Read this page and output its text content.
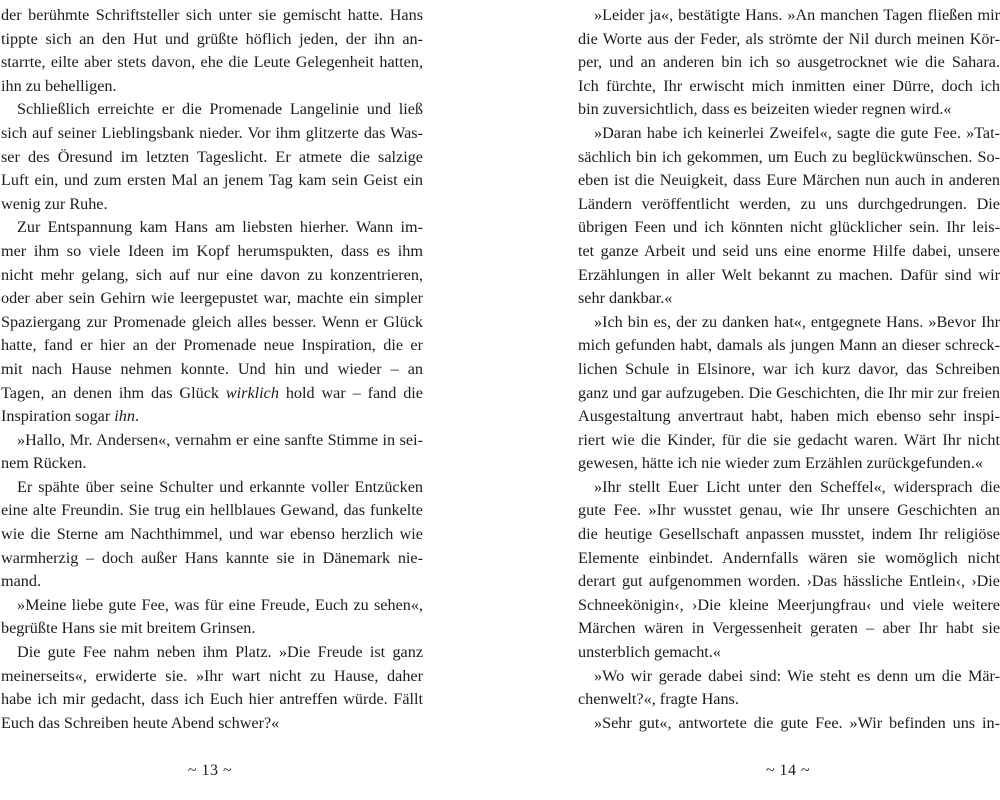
der berühmte Schriftsteller sich unter sie gemischt hatte. Hans
tippte sich an den Hut und grüßte höflich jeden, der ihn an-
starrte, eilte aber stets davon, ehe die Leute Gelegenheit hatten,
ihn zu behelligen.
Schließlich erreichte er die Promenade Langelinie und ließ
sich auf seiner Lieblingsbank nieder. Vor ihm glitzerte das Was-
ser des Öresund im letzten Tageslicht. Er atmete die salzige
Luft ein, und zum ersten Mal an jenem Tag kam sein Geist ein
wenig zur Ruhe.
Zur Entspannung kam Hans am liebsten hierher. Wann im-
mer ihm so viele Ideen im Kopf herumspukten, dass es ihm
nicht mehr gelang, sich auf nur eine davon zu konzentrieren,
oder aber sein Gehirn wie leergepustet war, machte ein simpler
Spaziergang zur Promenade gleich alles besser. Wenn er Glück
hatte, fand er hier an der Promenade neue Inspiration, die er
mit nach Hause nehmen konnte. Und hin und wieder – an
Tagen, an denen ihm das Glück wirklich hold war – fand die
Inspiration sogar ihn.
»Hallo, Mr. Andersen«, vernahm er eine sanfte Stimme in sei-
nem Rücken.
Er spähte über seine Schulter und erkannte voller Entzücken
eine alte Freundin. Sie trug ein hellblaues Gewand, das funkelte
wie die Sterne am Nachthimmel, und war ebenso herzlich wie
warmherzig – doch außer Hans kannte sie in Dänemark nie-
mand.
»Meine liebe gute Fee, was für eine Freude, Euch zu sehen«,
begrüßte Hans sie mit breitem Grinsen.
Die gute Fee nahm neben ihm Platz. »Die Freude ist ganz
meinerseits«, erwiderte sie. »Ihr wart nicht zu Hause, daher
habe ich mir gedacht, dass ich Euch hier antreffen würde. Fällt
Euch das Schreiben heute Abend schwer?«
»Leider ja«, bestätigte Hans. »An manchen Tagen fließen mir
die Worte aus der Feder, als strömte der Nil durch meinen Kör-
per, und an anderen bin ich so ausgetrocknet wie die Sahara.
Ich fürchte, Ihr erwischt mich inmitten einer Dürre, doch ich
bin zuversichtlich, dass es beizeiten wieder regnen wird.«
»Daran habe ich keinerlei Zweifel«, sagte die gute Fee. »Tat-
sächlich bin ich gekommen, um Euch zu beglückwünschen. So-
eben ist die Neuigkeit, dass Eure Märchen nun auch in anderen
Ländern veröffentlicht werden, zu uns durchgedrungen. Die
übrigen Feen und ich könnten nicht glücklicher sein. Ihr leis-
tet ganze Arbeit und seid uns eine enorme Hilfe dabei, unsere
Erzählungen in aller Welt bekannt zu machen. Dafür sind wir
sehr dankbar.«
»Ich bin es, der zu danken hat«, entgegnete Hans. »Bevor Ihr
mich gefunden habt, damals als jungen Mann an dieser schreck-
lichen Schule in Elsinore, war ich kurz davor, das Schreiben
ganz und gar aufzugeben. Die Geschichten, die Ihr mir zur freien
Ausgestaltung anvertraut habt, haben mich ebenso sehr inspi-
riert wie die Kinder, für die sie gedacht waren. Wärt Ihr nicht
gewesen, hätte ich nie wieder zum Erzählen zurückgefunden.«
»Ihr stellt Euer Licht unter den Scheffel«, widersprach die
gute Fee. »Ihr wusstet genau, wie Ihr unsere Geschichten an
die heutige Gesellschaft anpassen musstet, indem Ihr religiöse
Elemente einbindet. Andernfalls wären sie womöglich nicht
derart gut aufgenommen worden. ›Das hässliche Entlein‹, ›Die
Schneekönigin‹, ›Die kleine Meerjungfrau‹ und viele weitere
Märchen wären in Vergessenheit geraten – aber Ihr habt sie
unsterblich gemacht.«
»Wo wir gerade dabei sind: Wie steht es denn um die Mär-
chenwelt?«, fragte Hans.
»Sehr gut«, antwortete die gute Fee. »Wir befinden uns in-
~ 13 ~	~ 14 ~
